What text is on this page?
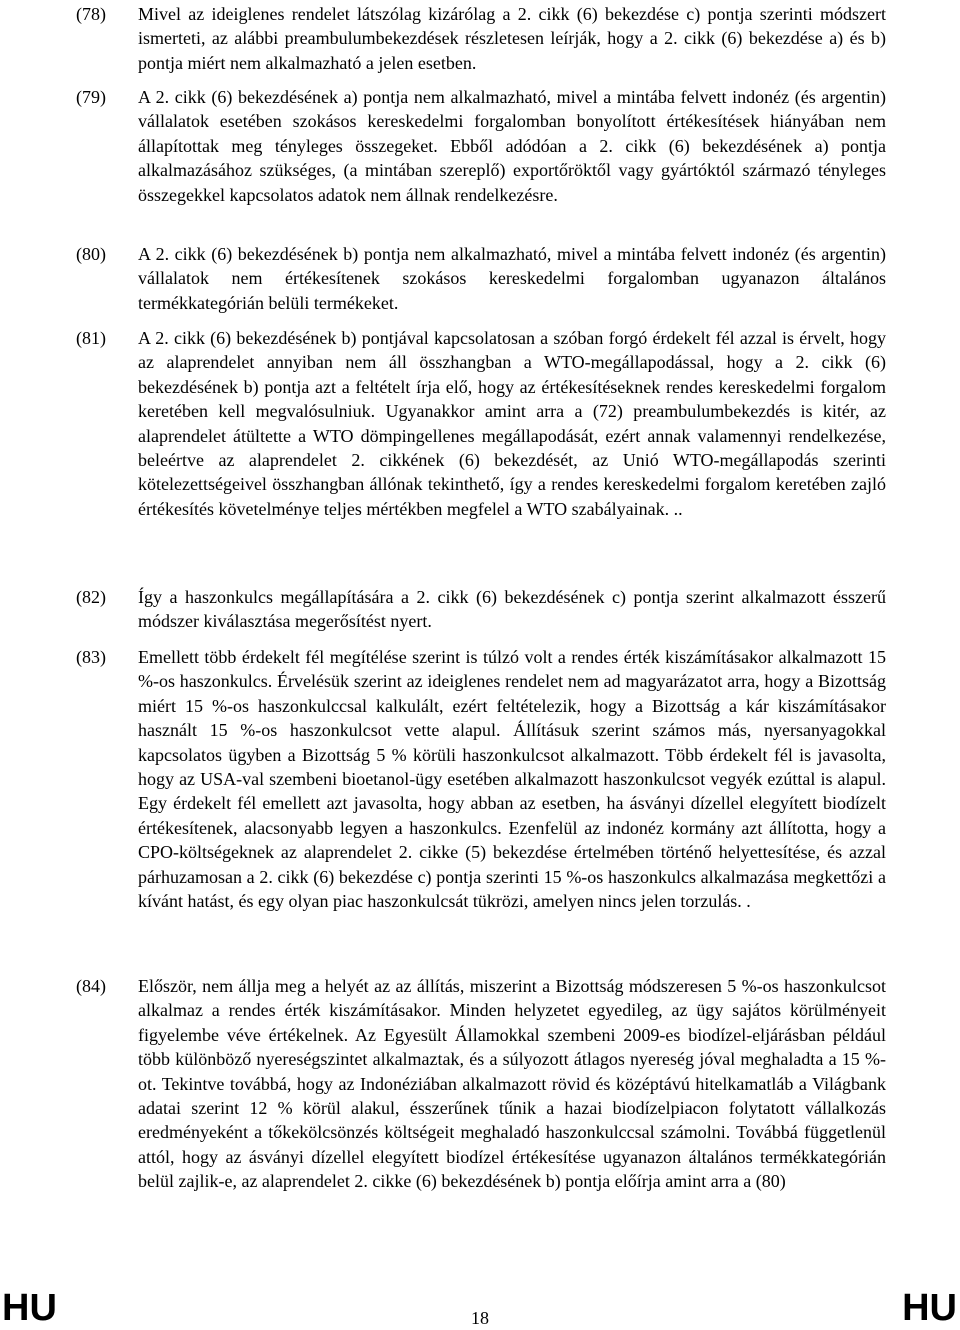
(78)	Mivel az ideiglenes rendelet látszólag kizárólag a 2. cikk (6) bekezdése c) pontja szerinti módszert ismerteti, az alábbi preambulumbekezdések részletesen leírják, hogy a 2. cikk (6) bekezdése a) és b) pontja miért nem alkalmazható a jelen esetben.
(79)	A 2. cikk (6) bekezdésének a) pontja nem alkalmazható, mivel a mintába felvett indonéz (és argentin) vállalatok esetében szokásos kereskedelmi forgalomban bonyolított értékesítések hiányában nem állapítottak meg tényleges összegeket. Ebből adódóan a 2. cikk (6) bekezdésének a) pontja alkalmazásához szükséges, (a mintában szereplő) exportőröktől vagy gyártóktól származó tényleges összegekkel kapcsolatos adatok nem állnak rendelkezésre.
(80)	A 2. cikk (6) bekezdésének b) pontja nem alkalmazható, mivel a mintába felvett indonéz (és argentin) vállalatok nem értékesítenek szokásos kereskedelmi forgalomban ugyanazon általános termékkategórián belüli termékeket.
(81)	A 2. cikk (6) bekezdésének b) pontjával kapcsolatosan a szóban forgó érdekelt fél azzal is érvelt, hogy az alaprendelet annyiban nem áll összhangban a WTO-megállapodással, hogy a 2. cikk (6) bekezdésének b) pontja azt a feltételt írja elő, hogy az értékesítéseknek rendes kereskedelmi forgalom keretében kell megvalósulniuk. Ugyanakkor amint arra a (72) preambulumbekezdés is kitér, az alaprendelet átültette a WTO dömpingellenes megállapodását, ezért annak valamennyi rendelkezése, beleértve az alaprendelet 2. cikkének (6) bekezdését, az Unió WTO-megállapodás szerinti kötelezettségeivel összhangban állónak tekinthető, így a rendes kereskedelmi forgalom keretében zajló értékesítés követelménye teljes mértékben megfelel a WTO szabályainak. ..
(82)	Így a haszonkulcs megállapítására a 2. cikk (6) bekezdésének c) pontja szerint alkalmazott ésszerű módszer kiválasztása megerősítést nyert.
(83)	Emellett több érdekelt fél megítélése szerint is túlzó volt a rendes érték kiszámításakor alkalmazott 15 %-os haszonkulcs. Érvelésük szerint az ideiglenes rendelet nem ad magyarázatot arra, hogy a Bizottság miért 15 %-os haszonkulccsal kalkulált, ezért feltételezik, hogy a Bizottság a kár kiszámításakor használt 15 %-os haszonkulcsot vette alapul. Állításuk szerint számos más, nyersanyagokkal kapcsolatos ügyben a Bizottság 5 % körüli haszonkulcsot alkalmazott. Több érdekelt fél is javasolta, hogy az USA-val szembeni bioetanol-ügy esetében alkalmazott haszonkulcsot vegyék ezúttal is alapul. Egy érdekelt fél emellett azt javasolta, hogy abban az esetben, ha ásványi dízellel elegyített biodízelt értékesítenek, alacsonyabb legyen a haszonkulcs. Ezenfelül az indonéz kormány azt állította, hogy a CPO-költségeknek az alaprendelet 2. cikke (5) bekezdése értelmében történő helyettesítése, és azzal párhuzamosan a 2. cikk (6) bekezdése c) pontja szerinti 15 %-os haszonkulcs alkalmazása megkettőzi a kívánt hatást, és egy olyan piac haszonkulcsát tükrözi, amelyen nincs jelen torzulás. .
(84)	Először, nem állja meg a helyét az az állítás, miszerint a Bizottság módszeresen 5 %-os haszonkulcsot alkalmaz a rendes érték kiszámításakor. Minden helyzetet egyedileg, az ügy sajátos körülményeit figyelembe véve értékelnek. Az Egyesült Államokkal szembeni 2009-es biodízel-eljárásban például több különböző nyereségszintet alkalmaztak, és a súlyozott átlagos nyereség jóval meghaladta a 15 %-ot. Tekintve továbbá, hogy az Indonéziában alkalmazott rövid és középtávú hitelkamatláb a Világbank adatai szerint 12 % körül alakul, ésszerűnek tűnik a hazai biodízelpiacon folytatott vállalkozás eredményeként a tőkekölcsönzés költségeit meghaladó haszonkulccsal számolni. Továbbá függetlenül attól, hogy az ásványi dízellel elegyített biodízel értékesítése ugyanazon általános termékkategórián belül zajlik-e, az alaprendelet 2. cikke (6) bekezdésének b) pontja előírja amint arra a (80)
HU	18	HU
